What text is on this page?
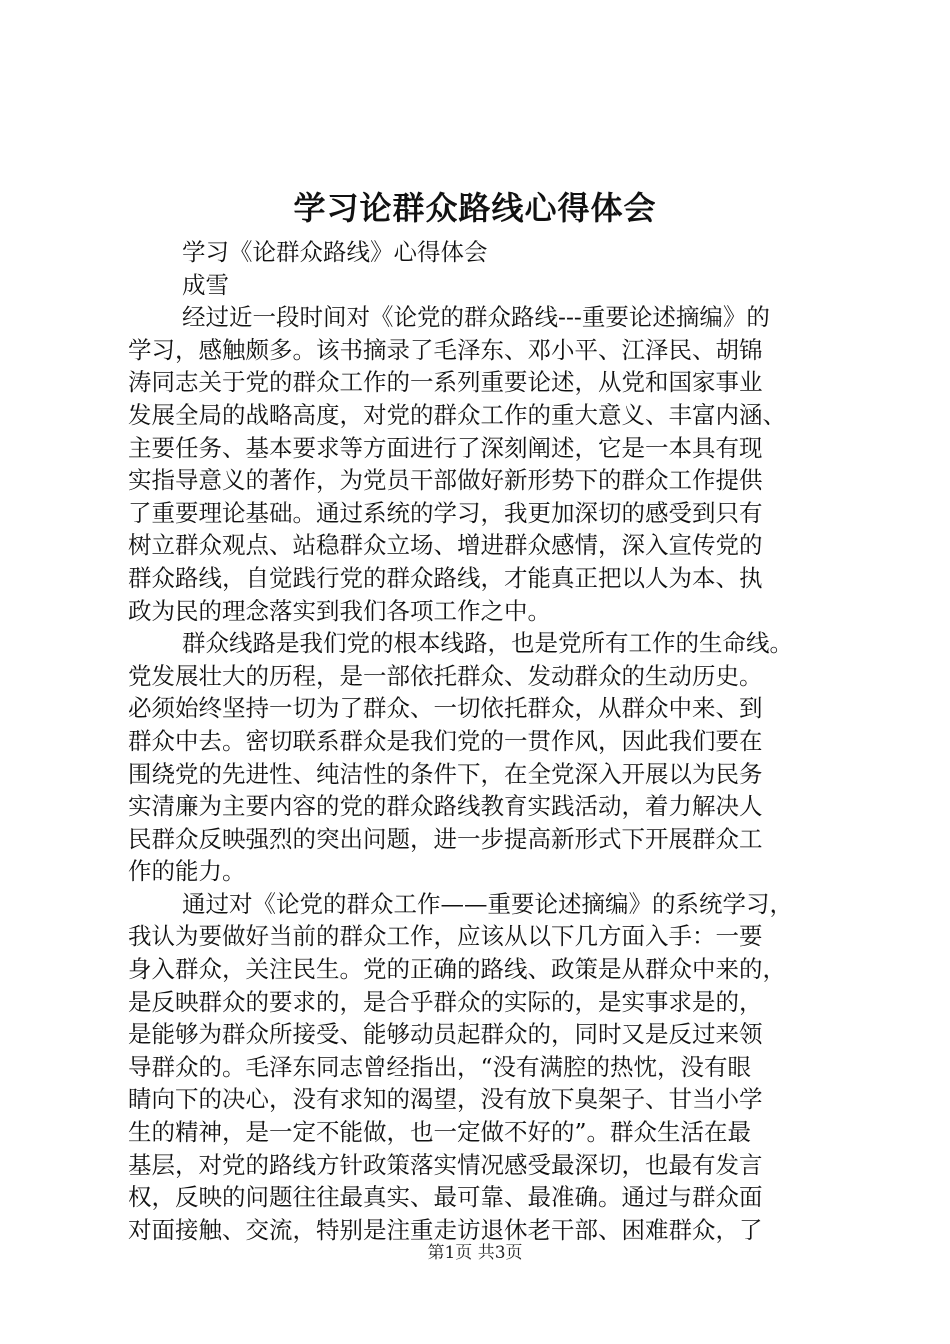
学习论群众路线心得体会
学习《论群众路线》心得体会
成雪
经过近一段时间对《论党的群众路线---重要论述摘编》的
学习，感触颇多。该书摘录了毛泽东、邓小平、江泽民、胡锦
涛同志关于党的群众工作的一系列重要论述，从党和国家事业
发展全局的战略高度，对党的群众工作的重大意义、丰富内涵、
主要任务、基本要求等方面进行了深刻阐述，它是一本具有现
实指导意义的著作，为党员干部做好新形势下的群众工作提供
了重要理论基础。通过系统的学习，我更加深切的感受到只有
树立群众观点、站稳群众立场、增进群众感情，深入宣传党的
群众路线，自觉践行党的群众路线，才能真正把以人为本、执
政为民的理念落实到我们各项工作之中。
群众线路是我们党的根本线路，也是党所有工作的生命线。
党发展壮大的历程，是一部依托群众、发动群众的生动历史。
必须始终坚持一切为了群众、一切依托群众，从群众中来、到
群众中去。密切联系群众是我们党的一贯作风，因此我们要在
围绕党的先进性、纯洁性的条件下，在全党深入开展以为民务
实清廉为主要内容的党的群众路线教育实践活动，着力解决人
民群众反映强烈的突出问题，进一步提高新形式下开展群众工
作的能力。
通过对《论党的群众工作——重要论述摘编》的系统学习，
我认为要做好当前的群众工作，应该从以下几方面入手：一要
身入群众，关注民生。党的正确的路线、政策是从群众中来的，
是反映群众的要求的，是合乎群众的实际的，是实事求是的，
是能够为群众所接受、能够动员起群众的，同时又是反过来领
导群众的。毛泽东同志曾经指出，“没有满腔的热忱，没有眼
睛向下的决心，没有求知的渴望，没有放下臭架子、甘当小学
生的精神，是一定不能做，也一定做不好的”。群众生活在最
基层，对党的路线方针政策落实情况感受最深切，也最有发言
权，反映的问题往往最真实、最可靠、最准确。通过与群众面
对面接触、交流，特别是注重走访退休老干部、困难群众，了
第1页 共3页
